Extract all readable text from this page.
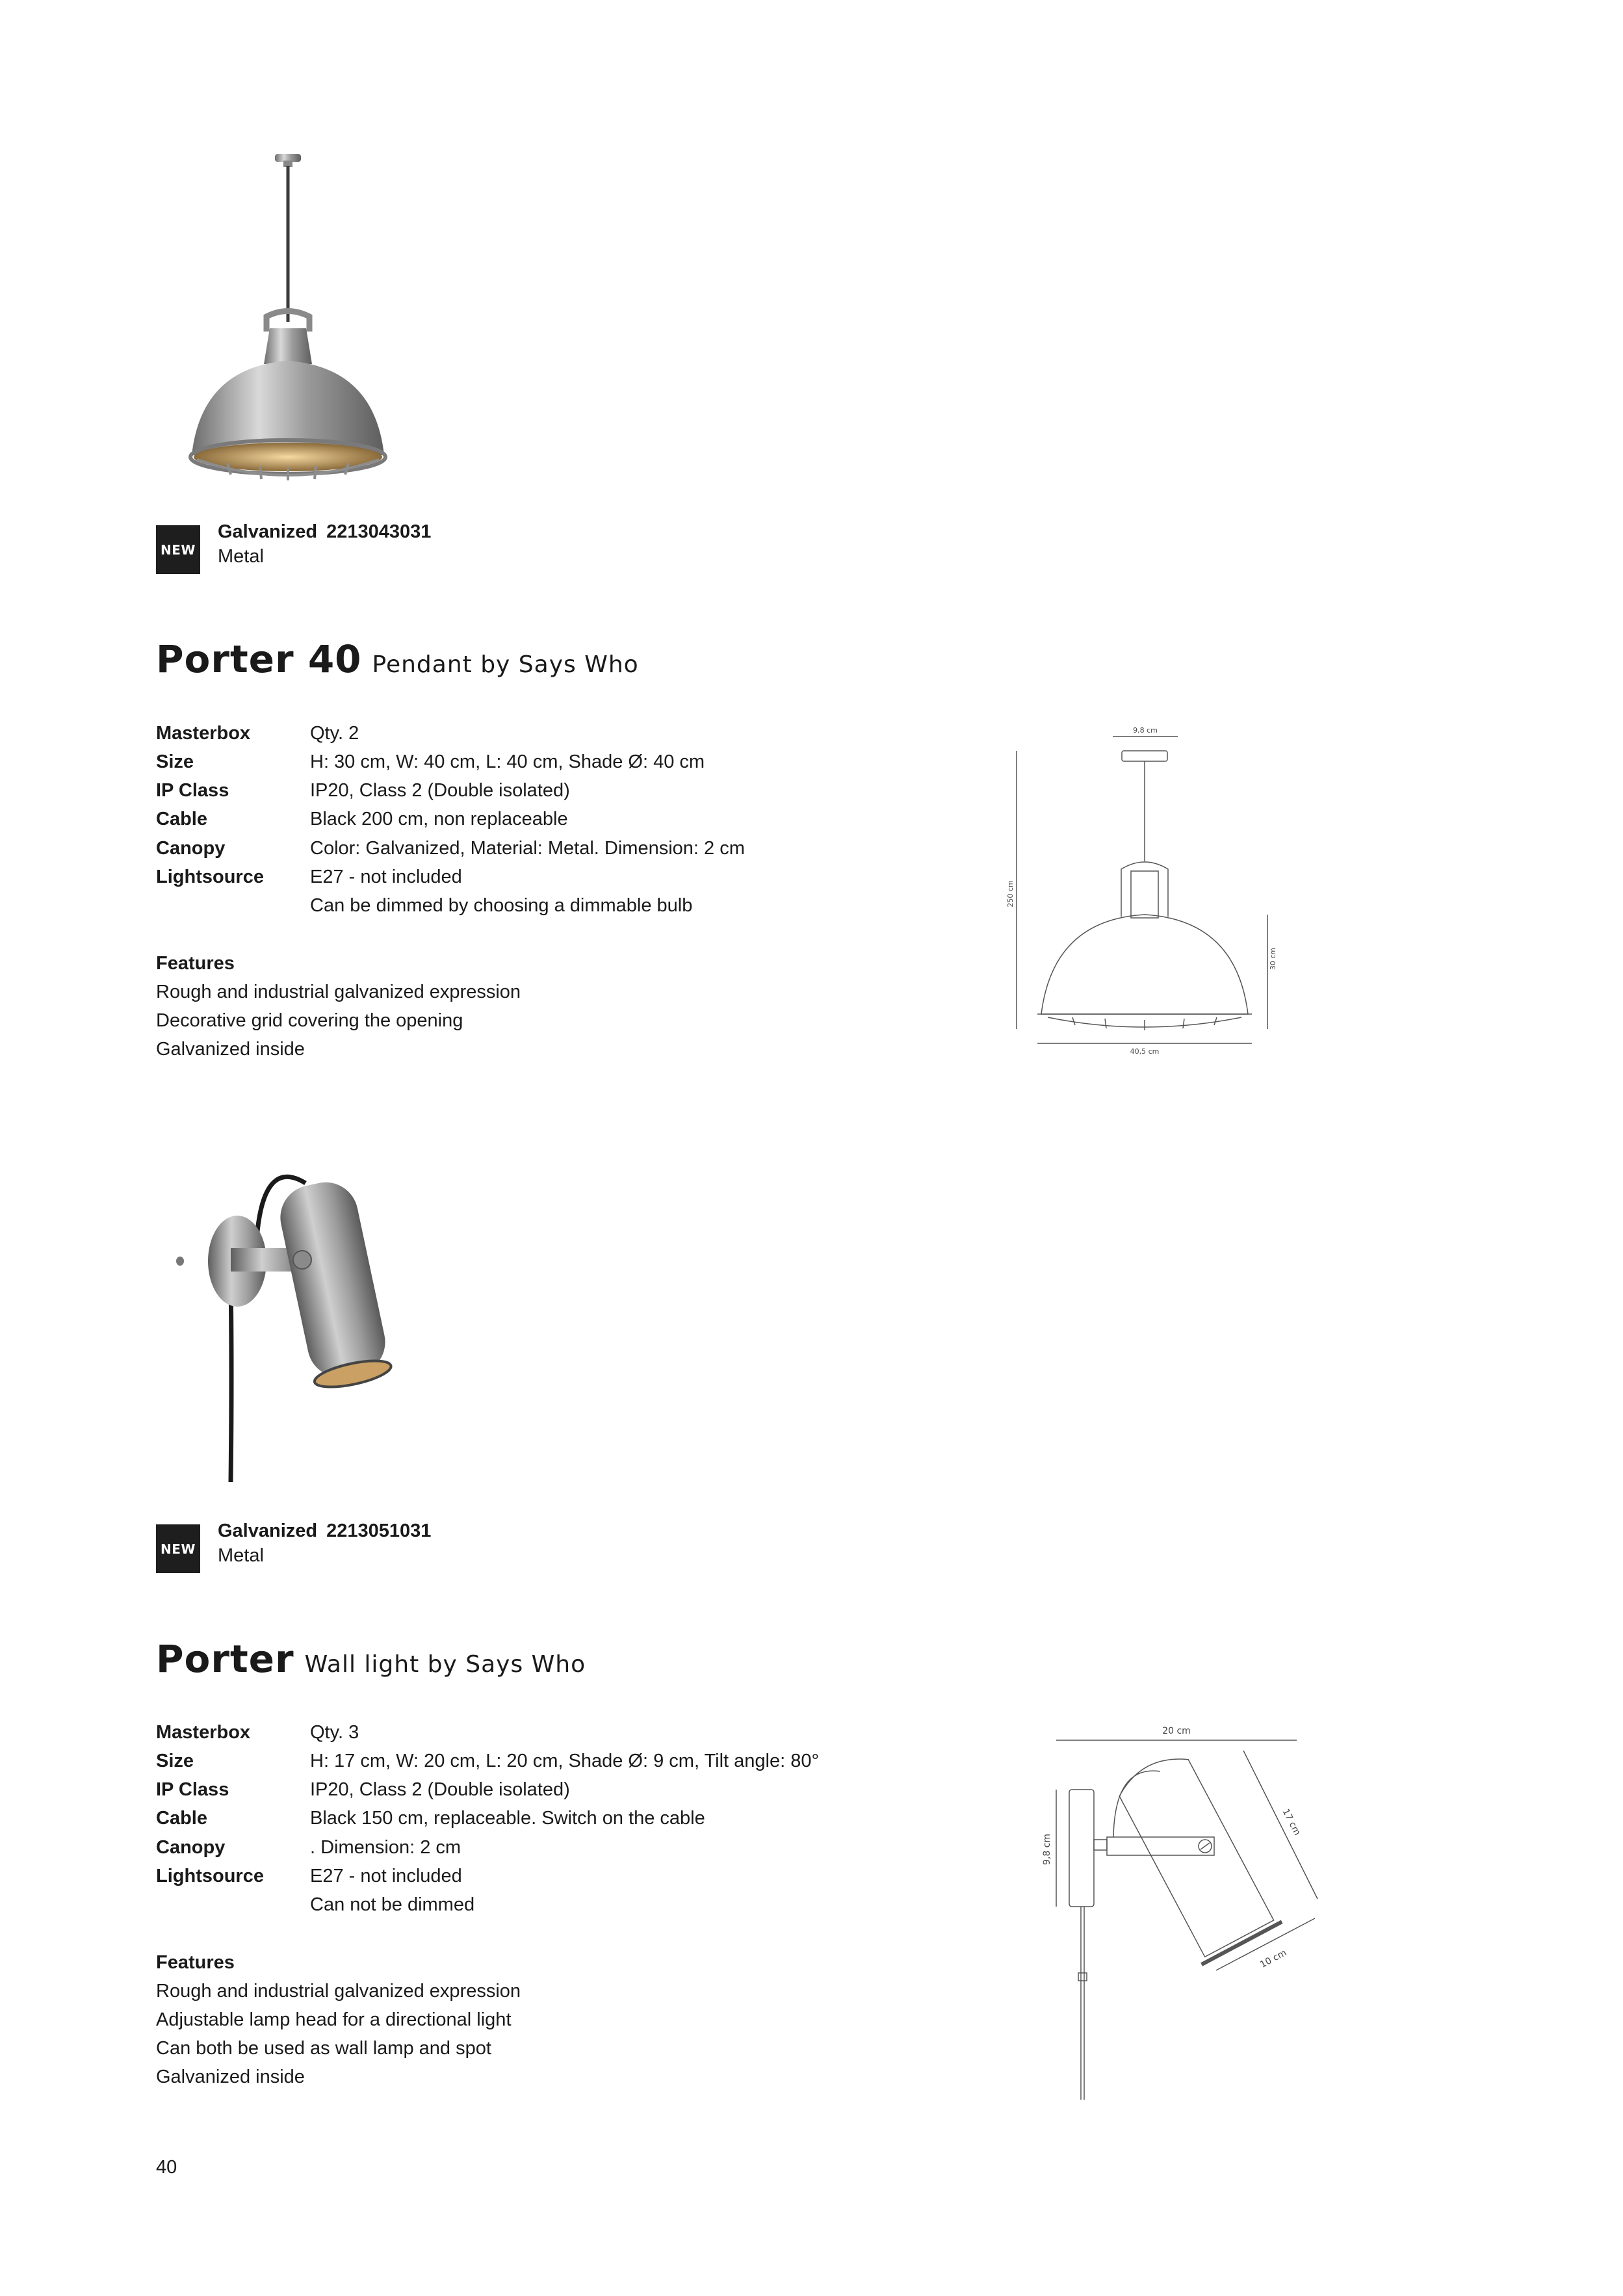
NEW
Galvanized 2213043031
Metal
Porter 40 Pendant by Says Who
Masterbox	Qty. 2
Size	H: 30 cm, W: 40 cm, L: 40 cm, Shade Ø: 40 cm
IP Class	IP20, Class 2 (Double isolated)
Cable	Black 200 cm, non replaceable
Canopy	Color: Galvanized, Material: Metal. Dimension: 2 cm
Lightsource E27 - not included
Can be dimmed by choosing a dimmable bulb
Features
Rough and industrial galvanized expression
Decorative grid covering the opening
Galvanized inside
9,8 cm
250 cm
30 cm
40,5 cm
NEW
Galvanized 2213051031
Metal
Porter Wall light by Says Who
Masterbox	Qty. 3
Size	H: 17 cm, W: 20 cm, L: 20 cm, Shade Ø: 9 cm, Tilt angle: 80°
IP Class	IP20, Class 2 (Double isolated)
Cable	Black 150 cm, replaceable. Switch on the cable
Canopy	. Dimension: 2 cm
Lightsource E27 - not included
Can not be dimmed
Features
Rough and industrial galvanized expression
Adjustable lamp head for a directional light
Can both be used as wall lamp and spot
Galvanized inside
20 cm
9,8 cm
17 cm
10 cm
40
